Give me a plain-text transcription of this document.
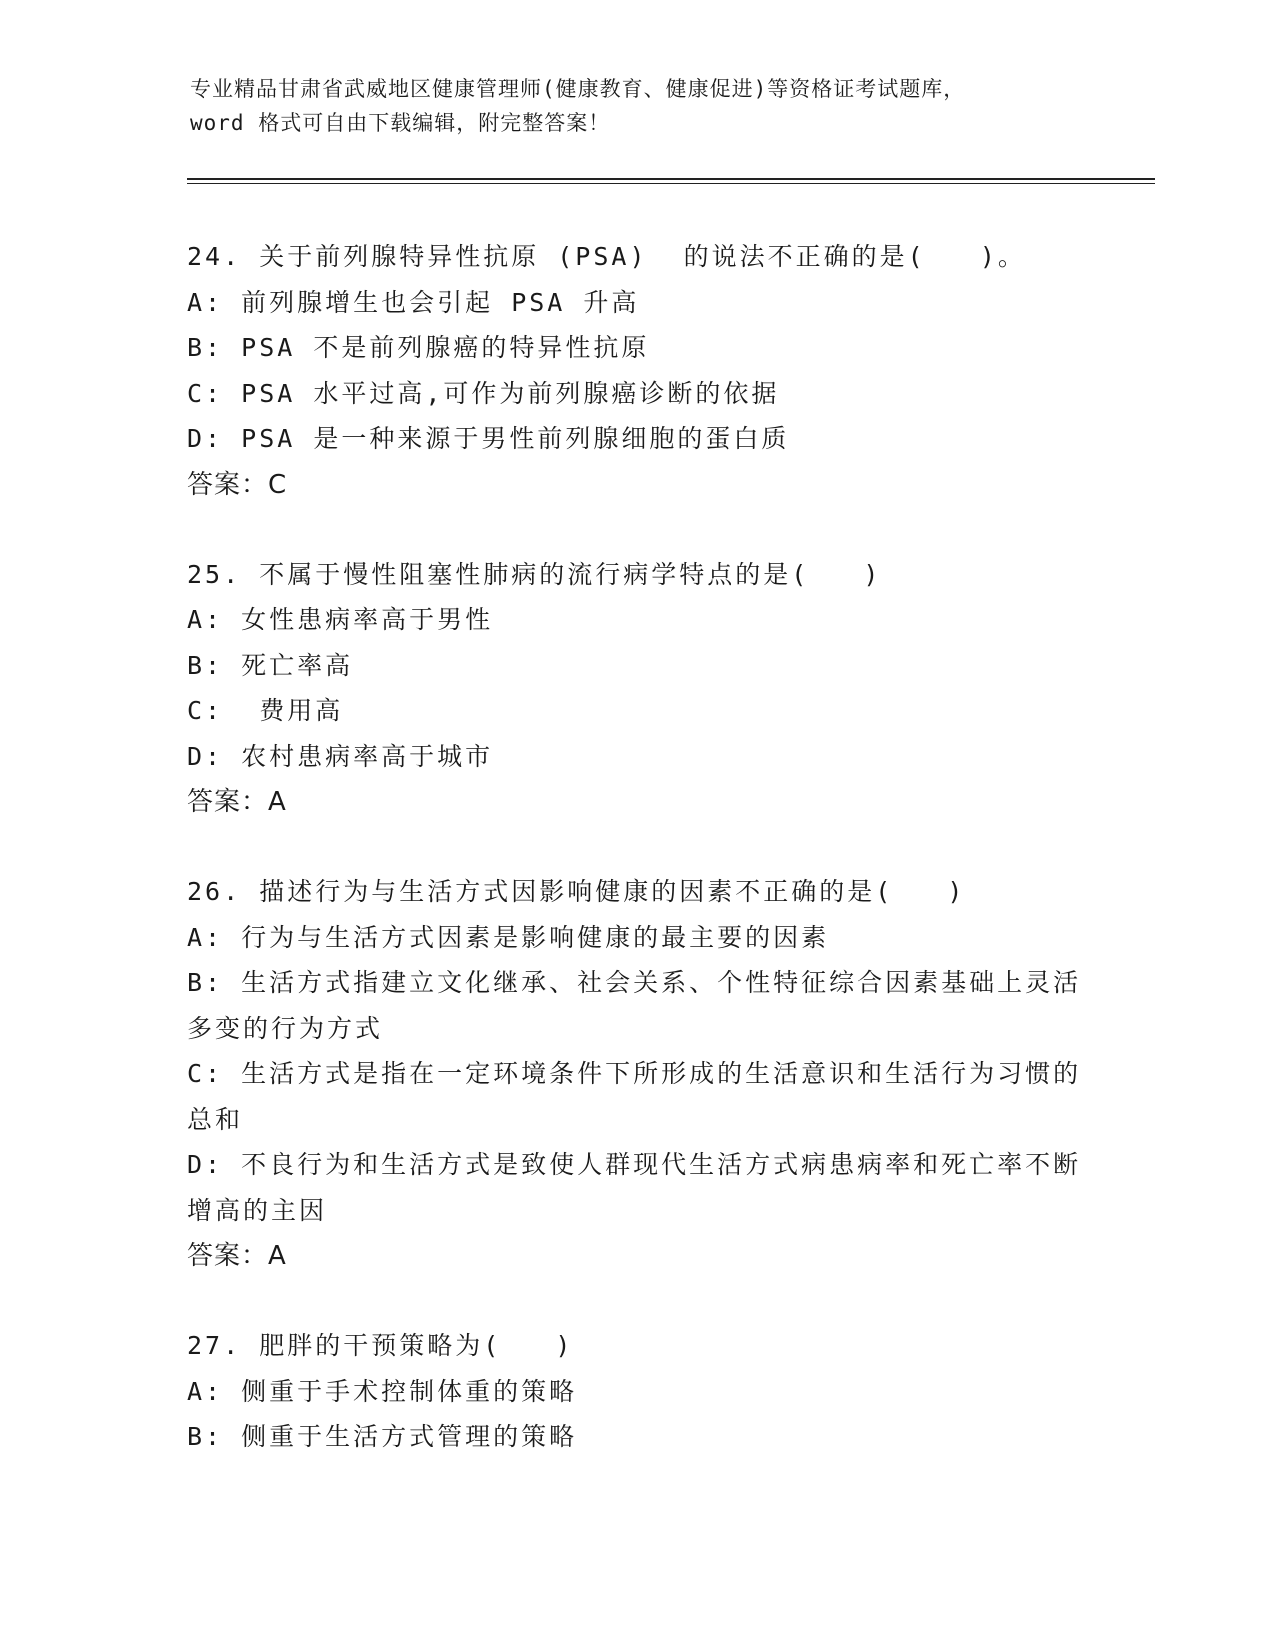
专业精品甘肃省武威地区健康管理师(健康教育、健康促进)等资格证考试题库，
word 格式可自由下载编辑，附完整答案！
24. 关于前列腺特异性抗原 (PSA)  的说法不正确的是(   )。
A: 前列腺增生也会引起 PSA 升高
B: PSA 不是前列腺癌的特异性抗原
C: PSA 水平过高,可作为前列腺癌诊断的依据
D: PSA 是一种来源于男性前列腺细胞的蛋白质
答案：C
25. 不属于慢性阻塞性肺病的流行病学特点的是(   )
A: 女性患病率高于男性
B: 死亡率高
C:  费用高
D: 农村患病率高于城市
答案：A
26. 描述行为与生活方式因影响健康的因素不正确的是(   )
A: 行为与生活方式因素是影响健康的最主要的因素
B: 生活方式指建立文化继承、社会关系、个性特征综合因素基础上灵活多变的行为方式
C: 生活方式是指在一定环境条件下所形成的生活意识和生活行为习惯的总和
D: 不良行为和生活方式是致使人群现代生活方式病患病率和死亡率不断增高的主因
答案：A
27. 肥胖的干预策略为(   )
A: 侧重于手术控制体重的策略
B: 侧重于生活方式管理的策略
